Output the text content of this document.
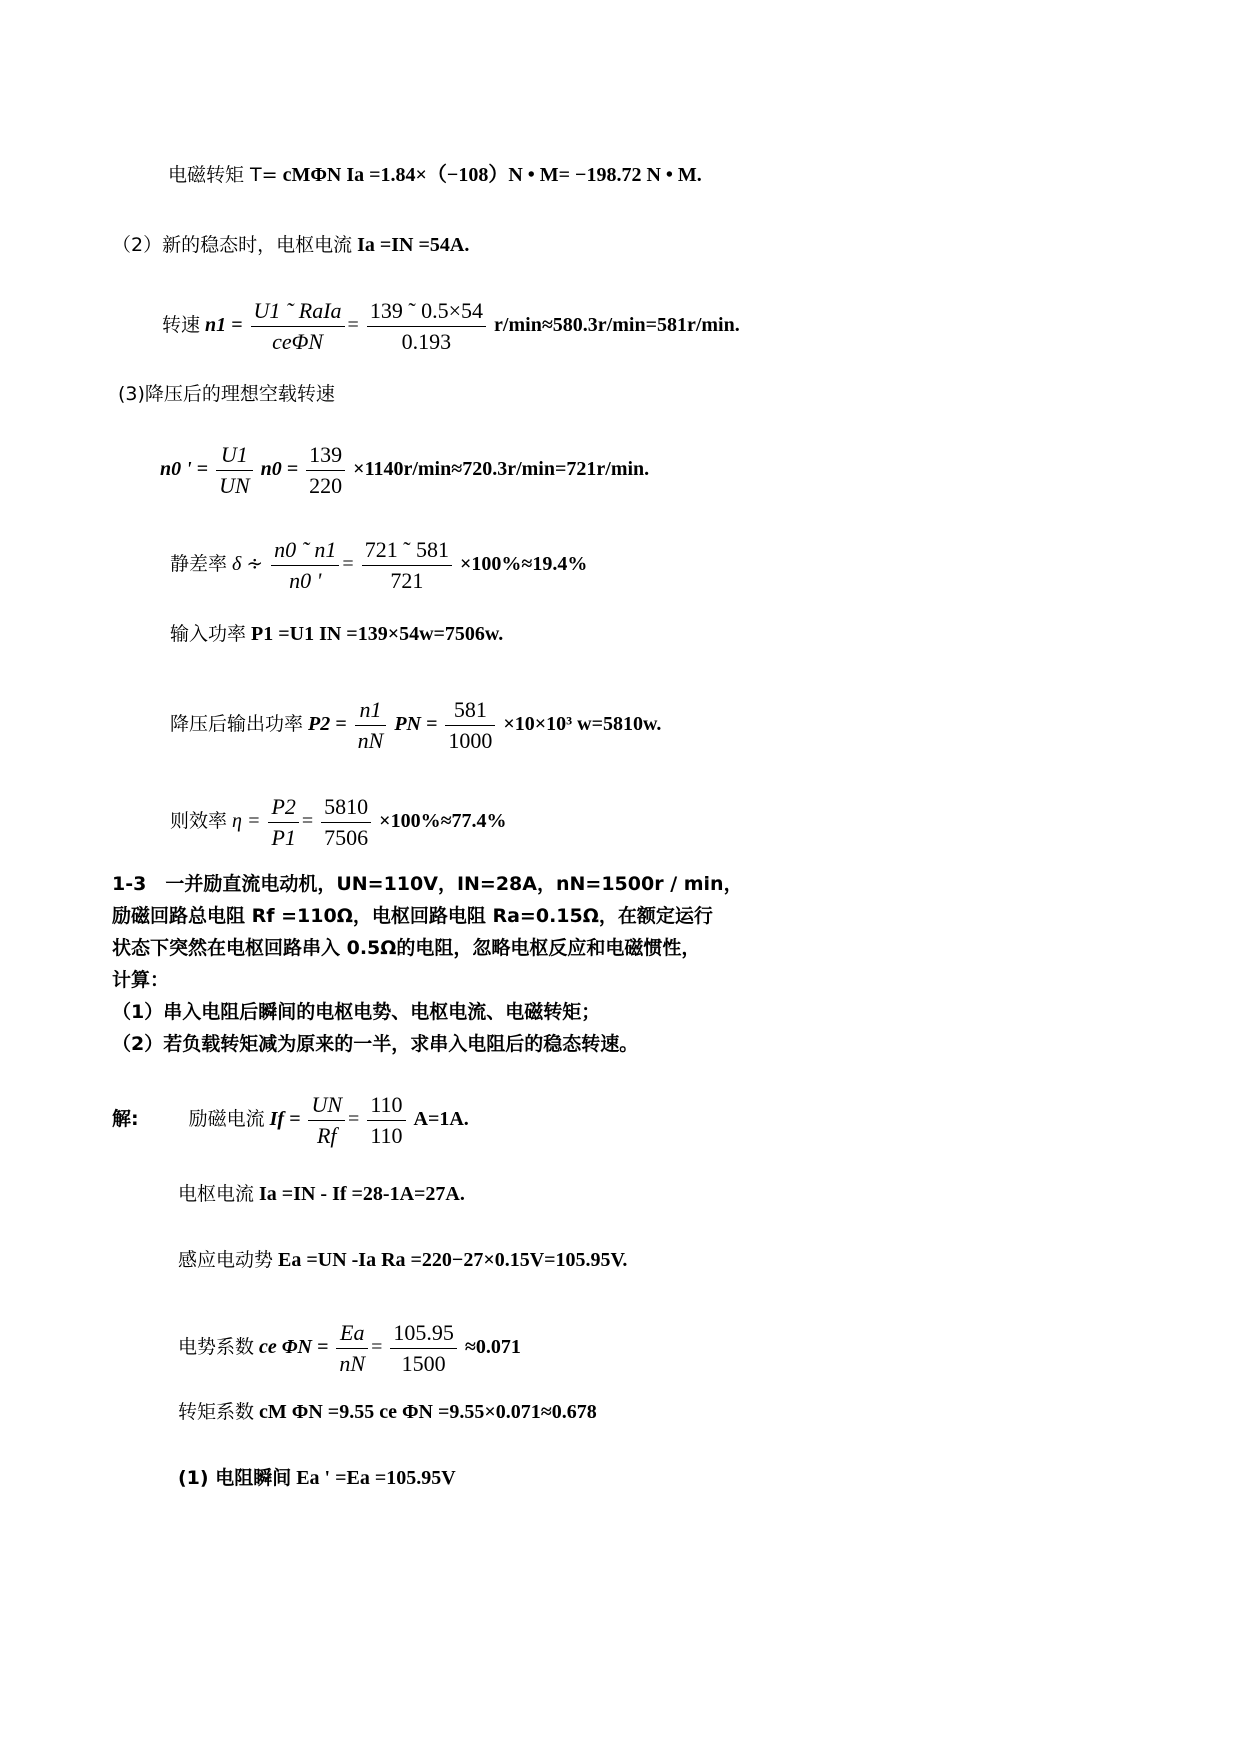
电磁转矩 T= cMΦN Ia =1.84×（−108）N • M= −198.72 N • M.
（2）新的稳态时，电枢电流 Ia =IN =54A.
转速 $n1 = \frac{\text{U1 ˜ RaIa}}{\text{ceΦN}} = \frac{139 ˜ 0.5\times 54}{0.193} r/\min\approx 580.3r/\min=581r/\min$.
(3)降压后的理想空载转速
n0 ' = $\frac{U1}{UN} n0 = \frac{139}{220} \times 1140r/\min\approx 720.3r/\min=721r/\min$.
静差率 δ ∻ $\frac{n0 ˜ n1}{n0 '} = \frac{721 ˜ 581}{721} \times 100\%\approx 19.4\%$
输入功率 P1 =U1 IN =139×54w=7506w.
降压后输出功率 $P2 = \frac{n1}{nN}$ PN = $\frac{581}{1000} \times 10\times 10^3$ w=5810w.
则效率 $\eta = \frac{P2}{P1} = \frac{5810}{7506} \times 100\%\approx 77.4\%$
1-3　一并励直流电动机，UN=110V，IN=28A，nN=1500r / min，
励磁回路总电阻 Rf =110Ω，电枢回路电阻 Ra=0.15Ω，在额定运行
状态下突然在电枢回路串入 0.5Ω的电阻，忽略电枢反应和电磁惯性，
计算：
（1）串入电阻后瞬间的电枢电势、电枢电流、电磁转矩；
（2）若负载转矩减为原来的一半，求串入电阻后的稳态转速。
解:	励磁电流 $If = \frac{UN}{Rf} = \frac{110}{110} A=1A$.
电枢电流 Ia =IN - If =28-1A=27A.
感应电动势 Ea =UN -Ia Ra =220−27×0.15V=105.95V.
电势系数 ce $\Phi N = \frac{Ea}{nN} = \frac{105.95}{1500} \approx 0.071$
转矩系数 cM ΦN =9.55 ce ΦN =9.55×0.071≈0.678
(1) 电阻瞬间 Ea ' =Ea =105.95V
